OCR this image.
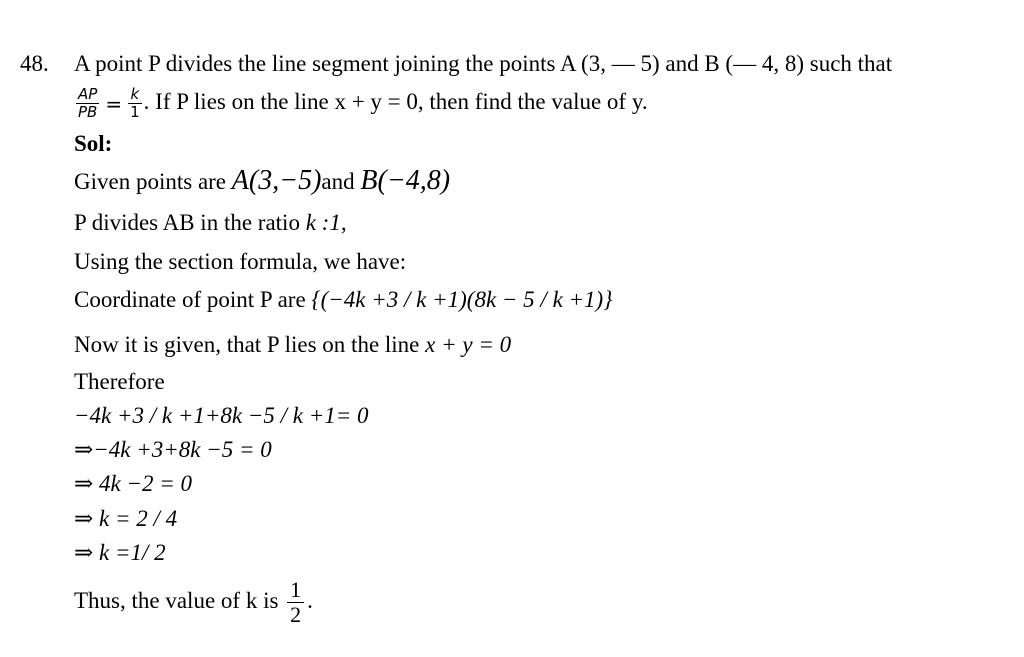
48. A point P divides the line segment joining the points A (3, — 5) and B (— 4, 8) such that
$\frac{AP}{PB} = \frac{k}{1}$ . If P lies on the line x + y = 0, then find the value of y.
Sol:
Given points are A(3,−5)and B(−4,8)
P divides AB in the ratio k :1,
Using the section formula, we have:
Coordinate of point P are {(−4k +3 / k +1)(8k − 5 / k +1)}
Now it is given, that P lies on the line x + y = 0
Therefore
−4k +3 / k +1+8k −5 / k +1= 0
⇒−4k +3+8k −5 = 0
⇒ 4k −2 = 0
⇒ k = 2 / 4
⇒ k =1/ 2
Thus, the value of k is $\frac{1}{2}$ .
